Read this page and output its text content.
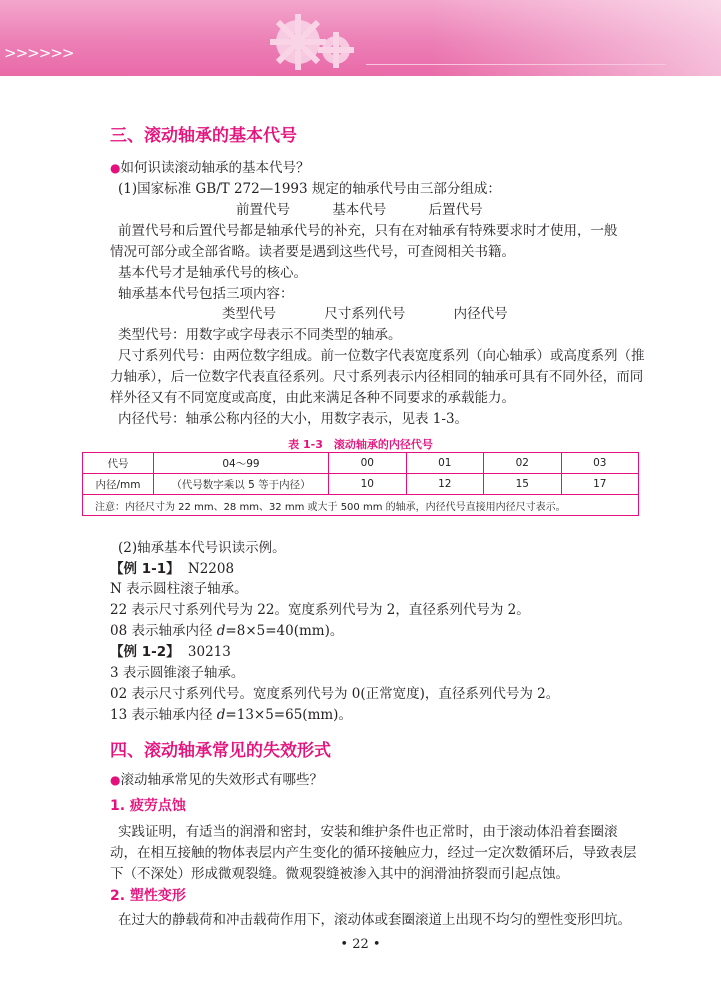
>>>>>>
三、滚动轴承的基本代号
●如何识读滚动轴承的基本代号？
(1)国家标准 GB/T 272—1993 规定的轴承代号由三部分组成：
前置代号	基本代号	后置代号
前置代号和后置代号都是轴承代号的补充，只有在对轴承有特殊要求时才使用，一般
情况可部分或全部省略。读者要是遇到这些代号，可查阅相关书籍。
基本代号才是轴承代号的核心。
轴承基本代号包括三项内容：
类型代号	尺寸系列代号	内径代号
类型代号：用数字或字母表示不同类型的轴承。
尺寸系列代号：由两位数字组成。前一位数字代表宽度系列（向心轴承）或高度系列（推
力轴承），后一位数字代表直径系列。尺寸系列表示内径相同的轴承可具有不同外径，而同
样外径又有不同宽度或高度，由此来满足各种不同要求的承载能力。
内径代号：轴承公称内径的大小，用数字表示，见表 1-3。
表 1-3　滚动轴承的内径代号
代号	04～99	00	01	02	03
内径/mm	（代号数字乘以 5 等于内径）	10	12	15	17
注意：内径尺寸为 22 mm、28 mm、32 mm 或大于 500 mm 的轴承，内径代号直接用内径尺寸表示。					
(2)轴承基本代号识读示例。
【例 1-1】 N2208
N 表示圆柱滚子轴承。
22 表示尺寸系列代号为 22。宽度系列代号为 2，直径系列代号为 2。
08 表示轴承内径 d=8×5=40(mm)。
【例 1-2】 30213
3 表示圆锥滚子轴承。
02 表示尺寸系列代号。宽度系列代号为 0(正常宽度)，直径系列代号为 2。
13 表示轴承内径 d=13×5=65(mm)。
四、滚动轴承常见的失效形式
●滚动轴承常见的失效形式有哪些？
1. 疲劳点蚀
实践证明，有适当的润滑和密封，安装和维护条件也正常时，由于滚动体沿着套圈滚
动，在相互接触的物体表层内产生变化的循环接触应力，经过一定次数循环后，导致表层
下（不深处）形成微观裂缝。微观裂缝被渗入其中的润滑油挤裂而引起点蚀。
2. 塑性变形
在过大的静载荷和冲击载荷作用下，滚动体或套圈滚道上出现不均匀的塑性变形凹坑。
• 22 •
